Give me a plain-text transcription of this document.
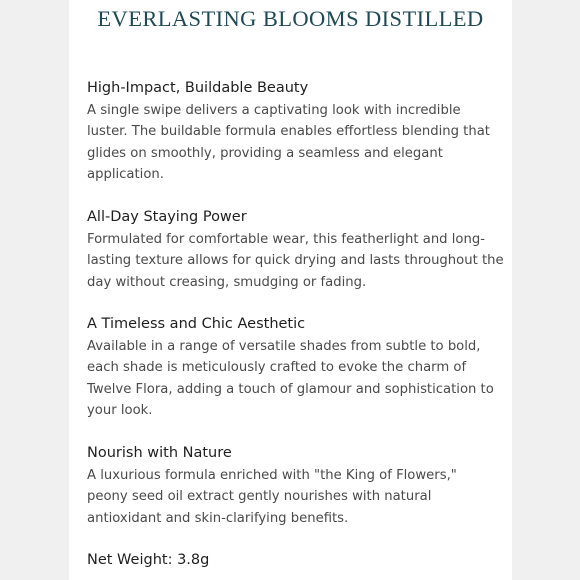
EVERLASTING BLOOMS DISTILLED
High-Impact, Buildable Beauty
A single swipe delivers a captivating look with incredible
luster. The buildable formula enables effortless blending that
glides on smoothly, providing a seamless and elegant
application.
All-Day Staying Power
Formulated for comfortable wear, this featherlight and long-
lasting texture allows for quick drying and lasts throughout the
day without creasing, smudging or fading.
A Timeless and Chic Aesthetic
Available in a range of versatile shades from subtle to bold,
each shade is meticulously crafted to evoke the charm of
Twelve Flora, adding a touch of glamour and sophistication to
your look.
Nourish with Nature
A luxurious formula enriched with "the King of Flowers,"
peony seed oil extract gently nourishes with natural
antioxidant and skin-clarifying benefits.
Net Weight: 3.8g
